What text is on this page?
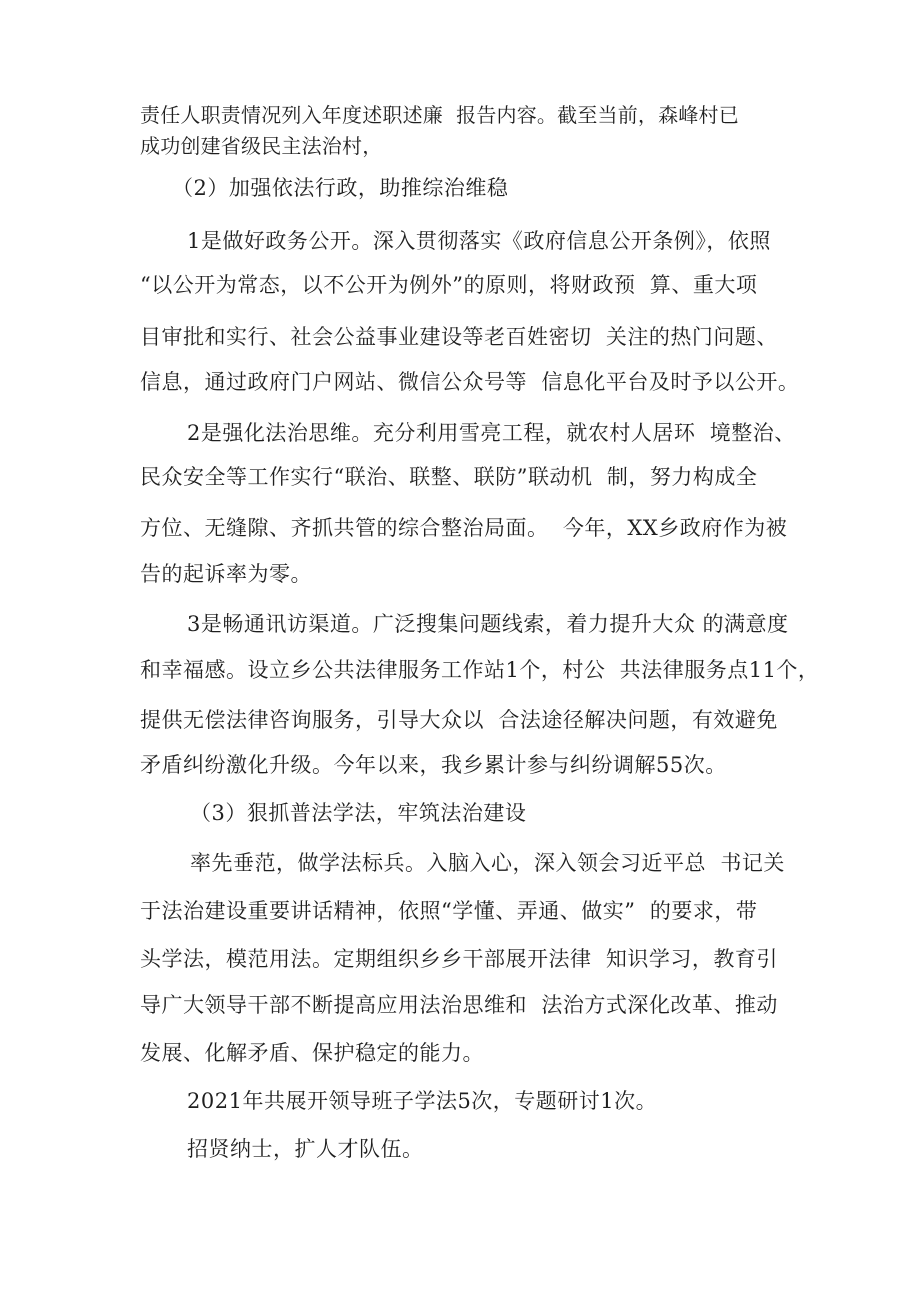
责任人职责情况列入年度述职述廉  报告内容。截至当前，森峰村已
成功创建省级民主法治村，
（2）加强依法行政，助推综治维稳
1是做好政务公开。深入贯彻落实《政府信息公开条例》，依照
“以公开为常态，以不公开为例外”的原则，将财政预  算、重大项
目审批和实行、社会公益事业建设等老百姓密切  关注的热门问题、
信息，通过政府门户网站、微信公众号等  信息化平台及时予以公开。
2是强化法治思维。充分利用雪亮工程，就农村人居环  境整治、
民众安全等工作实行“联治、联整、联防”联动机  制，努力构成全
方位、无缝隙、齐抓共管的综合整治局面。  今年，XX乡政府作为被
告的起诉率为零。
3是畅通讯访渠道。广泛搜集问题线索，着力提升大众 的满意度
和幸福感。设立乡公共法律服务工作站1个，村公  共法律服务点11个，
提供无偿法律咨询服务，引导大众以  合法途径解决问题，有效避免
矛盾纠纷激化升级。今年以来，我乡累计参与纠纷调解55次。
（3）狠抓普法学法，牢筑法治建设
率先垂范，做学法标兵。入脑入心，深入领会习近平总  书记关
于法治建设重要讲话精神，依照“学懂、弄通、做实”  的要求，带
头学法，模范用法。定期组织乡乡干部展开法律  知识学习，教育引
导广大领导干部不断提高应用法治思维和  法治方式深化改革、推动
发展、化解矛盾、保护稳定的能力。
2021年共展开领导班子学法5次，专题研讨1次。
招贤纳士，扩人才队伍。
